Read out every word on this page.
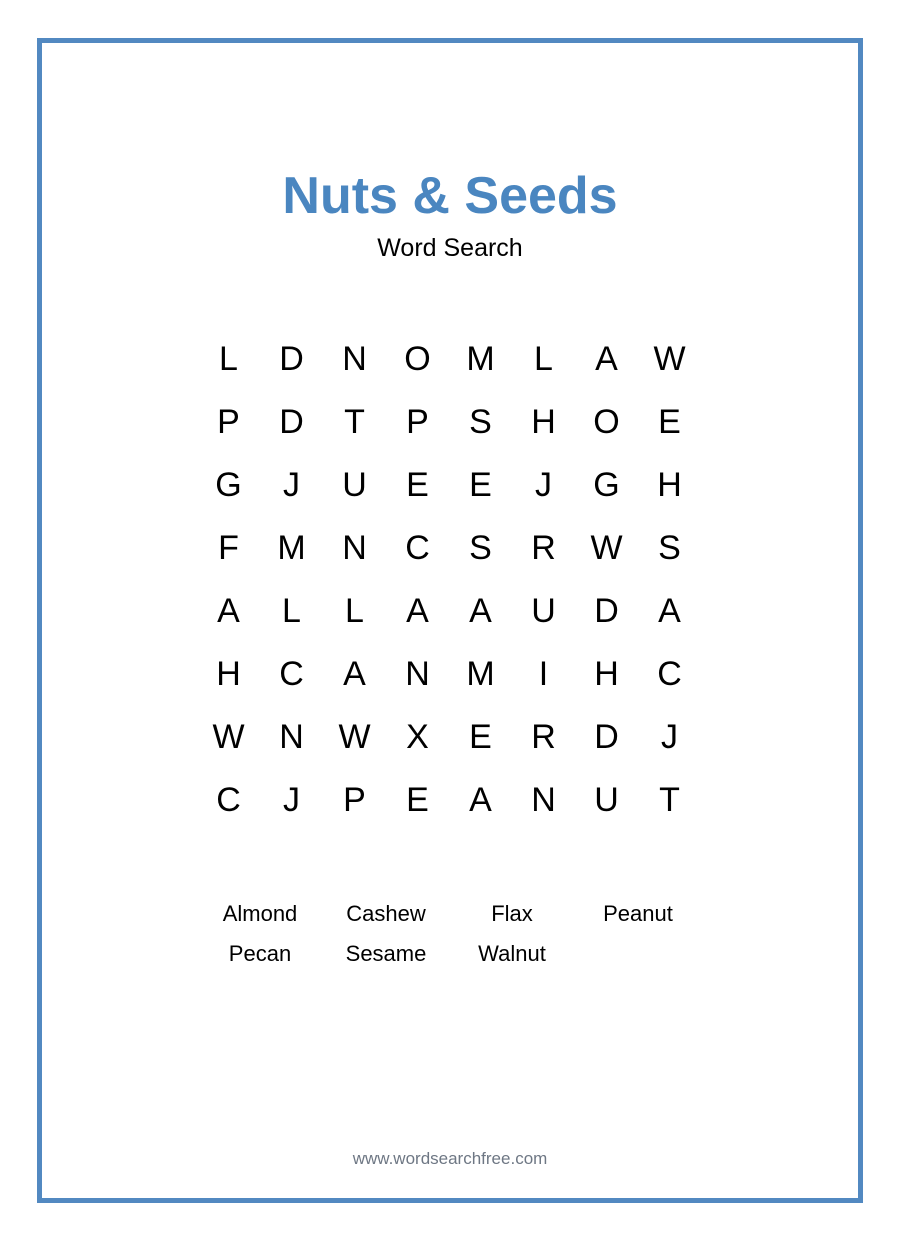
Nuts & Seeds
Word Search
L	D	N	O	M	L	A	W
P	D	T	P	S	H	O	E
G	J	U	E	E	J	G	H
F	M	N	C	S	R	W	S
A	L	L	A	A	U	D	A
H	C	A	N	M	I	H	C
W	N	W	X	E	R	D	J
C	J	P	E	A	N	U	T
Almond	Cashew	Flax	Peanut
Pecan	Sesame	Walnut
www.wordsearchfree.com
